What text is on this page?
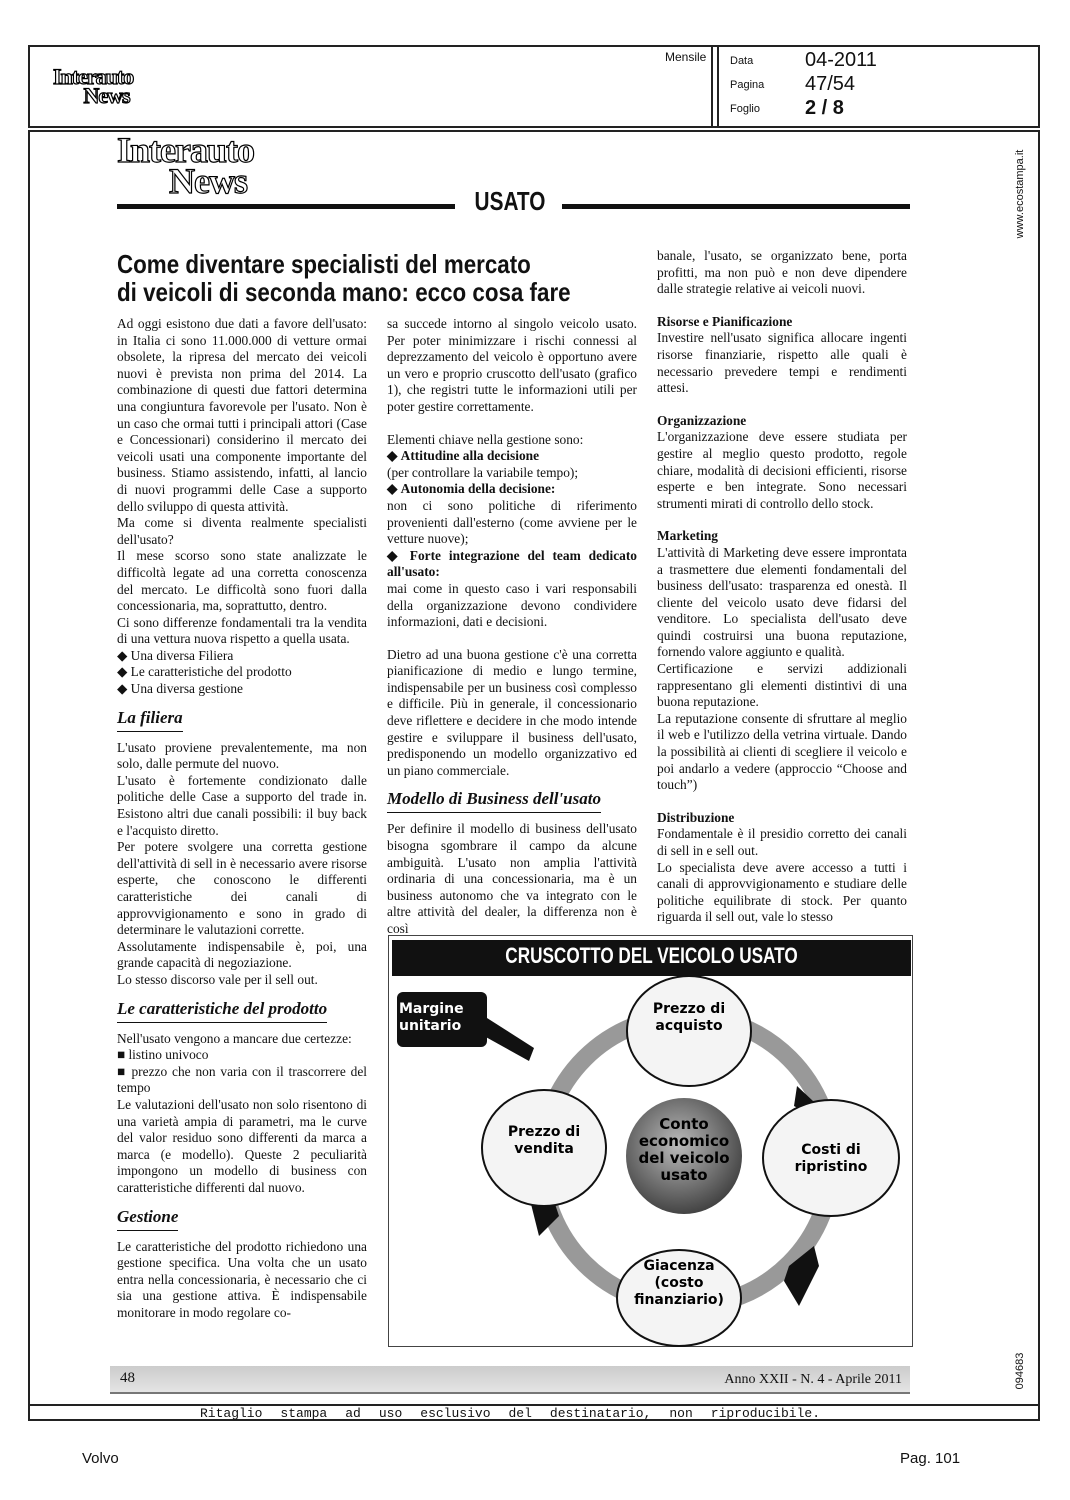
Interauto
News
Mensile Data	04-2011
Pagina 47/54
Foglio 2 / 8
www.ecostampa.it
094683
Interauto
News
USATO
Come diventare specialisti del mercato
di veicoli di seconda mano: ecco cosa fare
Ad oggi esistono due dati a favore dell'usato: in Italia ci sono 11.000.000 di vetture ormai obsolete, la ripresa del mercato dei veicoli nuovi è prevista non prima del 2014. La combinazione di questi due fattori determina una congiuntura favorevole per l'usato. Non è un caso che ormai tutti i principali attori (Case e Concessionari) considerino il mercato dei veicoli usati una componente importante del business. Stiamo assistendo, infatti, al lancio di nuovi programmi delle Case a supporto dello sviluppo di questa attività.
Ma come si diventa realmente specialisti dell'usato?
Il mese scorso sono state analizzate le difficoltà legate ad una corretta conoscenza del mercato. Le difficoltà sono fuori dalla concessionaria, ma, soprattutto, dentro.
Ci sono differenze fondamentali tra la vendita di una vettura nuova rispetto a quella usata.
◆ Una diversa Filiera
◆ Le caratteristiche del prodotto
◆ Una diversa gestione
La filiera

L'usato proviene prevalentemente, ma non solo, dalle permute del nuovo.
L'usato è fortemente condizionato dalle politiche delle Case a supporto del trade in. Esistono altri due canali possibili: il buy back e l'acquisto diretto.
Per potere svolgere una corretta gestione dell'attività di sell in è necessario avere risorse esperte, che conoscono le differenti caratteristiche dei canali di approvvigionamento e sono in grado di determinare le valutazioni corrette.
Assolutamente indispensabile è, poi, una grande capacità di negoziazione.
Lo stesso discorso vale per il sell out.
Le caratteristiche del prodotto

Nell'usato vengono a mancare due certezze:
■ listino univoco
■ prezzo che non varia con il trascorrere del tempo
Le valutazioni dell'usato non solo risentono di una varietà ampia di parametri, ma le curve del valor residuo sono differenti da marca a marca (e modello). Queste 2 peculiarità impongono un modello di business con caratteristiche differenti dal nuovo.
Gestione

Le caratteristiche del prodotto richiedono una gestione specifica. Una volta che un usato entra nella concessionaria, è necessario che ci sia una gestione attiva. È indispensabile monitorare in modo regolare co-
sa succede intorno al singolo veicolo usato. Per poter minimizzare i rischi connessi al deprezzamento del veicolo è opportuno avere un vero e proprio cruscotto dell'usato (grafico 1), che registri tutte le informazioni utili per poter gestire correttamente.
Elementi chiave nella gestione sono:
◆ Attitudine alla decisione
(per controllare la variabile tempo);
◆ Autonomia della decisione:
non ci sono politiche di riferimento provenienti dall'esterno (come avviene per le vetture nuove);
◆ Forte integrazione del team dedicato all'usato:
mai come in questo caso i vari responsabili della organizzazione devono condividere informazioni, dati e decisioni.
Dietro ad una buona gestione c'è una corretta pianificazione di medio e lungo termine, indispensabile per un business così complesso e difficile. Più in generale, il concessionario deve riflettere e decidere in che modo intende gestire e sviluppare il business dell'usato, predisponendo un modello organizzativo ed un piano commerciale.
Modello di Business dell'usato

Per definire il modello di business dell'usato bisogna sgombrare il campo da alcune ambiguità. L'usato non amplia l'attività ordinaria di una concessionaria, ma è un business autonomo che va integrato con le altre attività del dealer, la differenza non è così
banale, l'usato, se organizzato bene, porta profitti, ma non può e non deve dipendere dalle strategie relative ai veicoli nuovi.
Risorse e Pianificazione
Investire nell'usato significa allocare ingenti risorse finanziarie, rispetto alle quali è necessario prevedere tempi e rendimenti attesi.
Organizzazione
L'organizzazione deve essere studiata per gestire al meglio questo prodotto, regole chiare, modalità di decisioni efficienti, risorse esperte e ben integrate. Sono necessari strumenti mirati di controllo dello stock.
Marketing
L'attività di Marketing deve essere improntata a trasmettere due elementi fondamentali del business dell'usato: trasparenza ed onestà. Il cliente del veicolo usato deve fidarsi del venditore. Lo specialista dell'usato deve quindi costruirsi una buona reputazione, fornendo valore aggiunto e qualità.
Certificazione e servizi addizionali rappresentano gli elementi distintivi di una buona reputazione.
La reputazione consente di sfruttare al meglio il web e l'utilizzo della vetrina virtuale. Dando la possibilità ai clienti di scegliere il veicolo e poi andarlo a vedere (approccio “Choose and touch”)
Distribuzione
Fondamentale è il presidio corretto dei canali di sell in e sell out.
Lo specialista deve avere accesso a tutti i canali di approvvigionamento e studiare delle politiche equilibrate di stock. Per quanto riguarda il sell out, vale lo stesso
CRUSCOTTO DEL VEICOLO USATO
Margine unitario
Prezzo di acquisto
Prezzo di vendita	Costi di ripristino
Giacenza (costo finanziario)
Conto economico del veicolo usato
48	Anno XXII - N. 4 - Aprile 2011
Ritaglio stampa ad uso esclusivo del destinatario, non riproducibile.
Volvo	Pag. 101
